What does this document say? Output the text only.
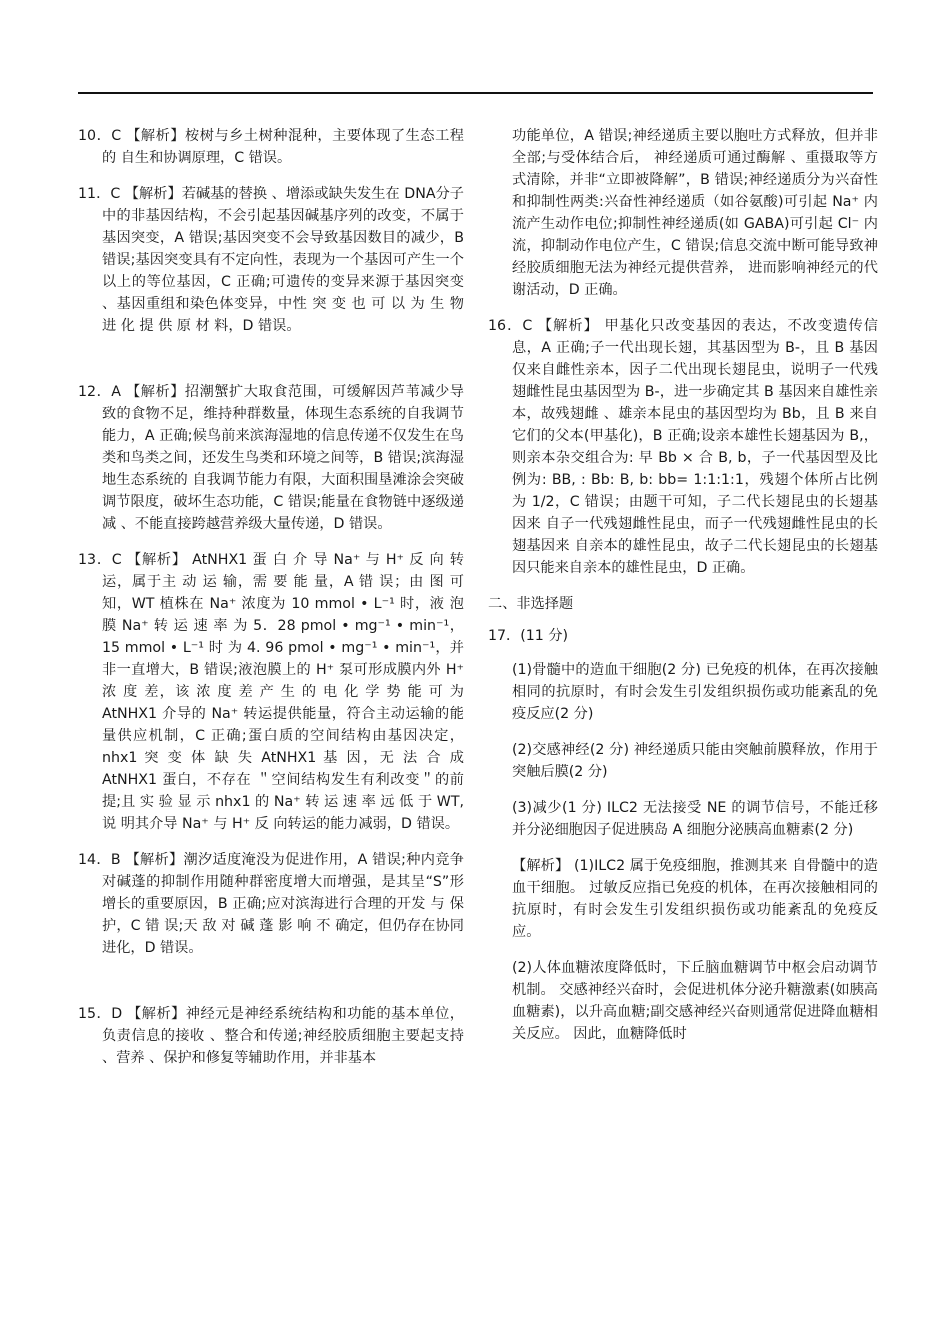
10．C 【解析】桉树与乡土树种混种，主要体现了生态工程的 自生和协调原理，C 错误。

11．C 【解析】若碱基的替换 、增添或缺失发生在 DNA分子中的非基因结构，不会引起基因碱基序列的改变，不属于基因突变，A 错误;基因突变不会导致基因数目的减少，B 错误;基因突变具有不定向性，表现为一个基因可产生一个以上的等位基因，C 正确;可遗传的变异来源于基因突变 、基因重组和染色体变异，中性 突 变 也 可 以 为 生 物 进 化 提 供 原 材 料，D 错误。

12．A 【解析】招潮蟹扩大取食范围，可缓解因芦苇减少导致的食物不足，维持种群数量，体现生态系统的自我调节能力，A 正确;候鸟前来滨海湿地的信息传递不仅发生在鸟类和鸟类之间，还发生鸟类和环境之间等，B 错误;滨海湿地生态系统的 自我调节能力有限，大面积围垦滩涂会突破调节限度，破坏生态功能，C 错误;能量在食物链中逐级递减 、不能直接跨越营养级大量传递，D 错误。

13．C 【解析】 AtNHX1 蛋 白 介 导 Na⁺ 与 H⁺ 反 向 转运，属于主 动 运 输，需 要 能 量，A 错 误；由 图 可 知，WT 植株在 Na⁺ 浓度为 10 mmol • L⁻¹ 时，液 泡 膜 Na⁺ 转 运 速 率 为 5．28 pmol • mg⁻¹ • min⁻¹，15 mmol • L⁻¹ 时 为 4. 96 pmol • mg⁻¹ • min⁻¹，并非一直增大，B 错误;液泡膜上的 H⁺ 泵可形成膜内外 H⁺ 浓 度 差，该 浓 度 差 产 生 的 电 化 学 势 能 可 为 AtNHX1 介导的 Na⁺ 转运提供能量，符合主动运输的能量供应机制，C 正确;蛋白质的空间结构由基因决定，nhx1 突 变 体 缺 失 AtNHX1 基 因，无 法 合 成 AtNHX1 蛋白，不存在 ＂空间结构发生有利改变＂的前提;且 实 验 显 示 nhx1 的 Na⁺ 转 运 速 率 远 低 于 WT, 说 明其介导 Na⁺ 与 H⁺ 反 向转运的能力减弱，D 错误。

14．B 【解析】潮汐适度淹没为促进作用，A 错误;种内竞争对碱蓬的抑制作用随种群密度增大而增强，是其呈“S”形增长的重要原因，B 正确;应对滨海进行合理的开发 与 保 护，C 错 误;天 敌 对 碱 蓬 影 响 不 确定，但仍存在协同进化，D 错误。

15．D 【解析】神经元是神经系统结构和功能的基本单位，负责信息的接收 、整合和传递;神经胶质细胞主要起支持 、营养 、保护和修复等辅助作用，并非基本

功能单位，A 错误;神经递质主要以胞吐方式释放，但并非全部;与受体结合后， 神经递质可通过酶解 、重摄取等方式清除，并非“立即被降解”，B 错误;神经递质分为兴奋性和抑制性两类:兴奋性神经递质（如谷氨酸)可引起 Na⁺ 内流产生动作电位;抑制性神经递质(如 GABA)可引起 Cl⁻ 内流，抑制动作电位产生，C 错误;信息交流中断可能导致神经胶质细胞无法为神经元提供营养， 进而影响神经元的代谢活动，D 正确。

16．C 【解析】 甲基化只改变基因的表达，不改变遗传信息，A 正确;子一代出现长翅，其基因型为 B-，且 B 基因仅来自雌性亲本，因子二代出现长翅昆虫，说明子一代残翅雌性昆虫基因型为 B-，进一步确定其 B 基因来自雄性亲本，故残翅雌 、雄亲本昆虫的基因型均为 Bb，且 B 来自它们的父本(甲基化)，B 正确;设亲本雄性长翅基因为 B,，则亲本杂交组合为: 早 Bb × 合 B, b，子一代基因型及比例为: BB, : Bb: B, b: bb= 1:1:1:1，残翅个体所占比例为 1/2，C 错误；由题干可知，子二代长翅昆虫的长翅基因来 自子一代残翅雌性昆虫，而子一代残翅雌性昆虫的长翅基因来 自亲本的雄性昆虫，故子二代长翅昆虫的长翅基因只能来自亲本的雄性昆虫，D 正确。

二、非选择题

17．(11 分)

(1)骨髓中的造血干细胞(2 分) 已免疫的机体，在再次接触相同的抗原时，有时会发生引发组织损伤或功能紊乱的免疫反应(2 分)

(2)交感神经(2 分) 神经递质只能由突触前膜释放，作用于突触后膜(2 分)

(3)减少(1 分) ILC2 无法接受 NE 的调节信号，不能迁移并分泌细胞因子促进胰岛 A 细胞分泌胰高血糖素(2 分)

【解析】 (1)ILC2 属于免疫细胞，推测其来 自骨髓中的造血干细胞。 过敏反应指已免疫的机体，在再次接触相同的抗原时，有时会发生引发组织损伤或功能紊乱的免疫反应。

(2)人体血糖浓度降低时，下丘脑血糖调节中枢会启动调节机制。 交感神经兴奋时，会促进机体分泌升糖激素(如胰高血糖素)，以升高血糖;副交感神经兴奋则通常促进降血糖相关反应。 因此，血糖降低时
